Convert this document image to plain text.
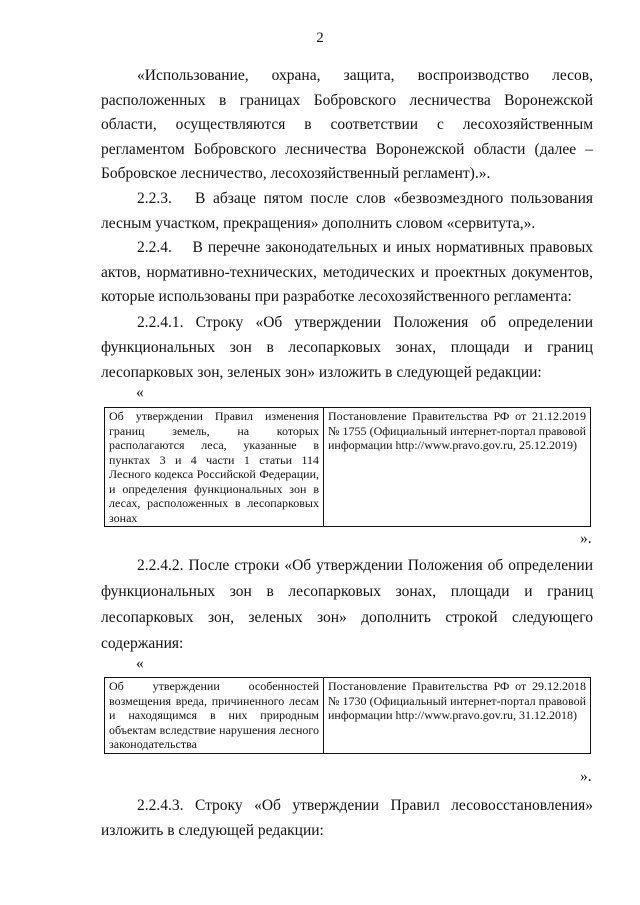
2

«Использование, охрана, защита, воспроизводство лесов, расположенных в границах Бобровского лесничества Воронежской области, осуществляются в соответствии с лесохозяйственным регламентом Бобровского лесничества Воронежской области (далее – Бобровское лесничество, лесохозяйственный регламент).».

2.2.3.  В абзаце пятом после слов «безвозмездного пользования лесным участком, прекращения» дополнить словом «сервитута,».

2.2.4.  В перечне законодательных и иных нормативных правовых актов, нормативно-технических, методических и проектных документов, которые использованы при разработке лесохозяйственного регламента:

2.2.4.1. Строку «Об утверждении Положения об определении функциональных зон в лесопарковых зонах, площади и границ лесопарковых зон, зеленых зон» изложить в следующей редакции:

«
Об утверждении Правил изменения границ земель, на которых располагаются леса, указанные в пунктах 3 и 4 части 1 статьи 114 Лесного кодекса Российской Федерации, и определения функциональных зон в лесах, расположенных в лесопарковых зонах	Постановление Правительства РФ от 21.12.2019 № 1755 (Официальный интернет-портал правовой информации http://www.pravo.gov.ru, 25.12.2019)
».

2.2.4.2. После строки «Об утверждении Положения об определении функциональных зон в лесопарковых зонах, площади и границ лесопарковых зон, зеленых зон» дополнить строкой следующего содержания:

«
Об утверждении особенностей возмещения вреда, причиненного лесам и находящимся в них природным объектам вследствие нарушения лесного законодательства	Постановление Правительства РФ от 29.12.2018 № 1730 (Официальный интернет-портал правовой информации http://www.pravo.gov.ru, 31.12.2018)
».

2.2.4.3. Строку «Об утверждении Правил лесовосстановления» изложить в следующей редакции:
